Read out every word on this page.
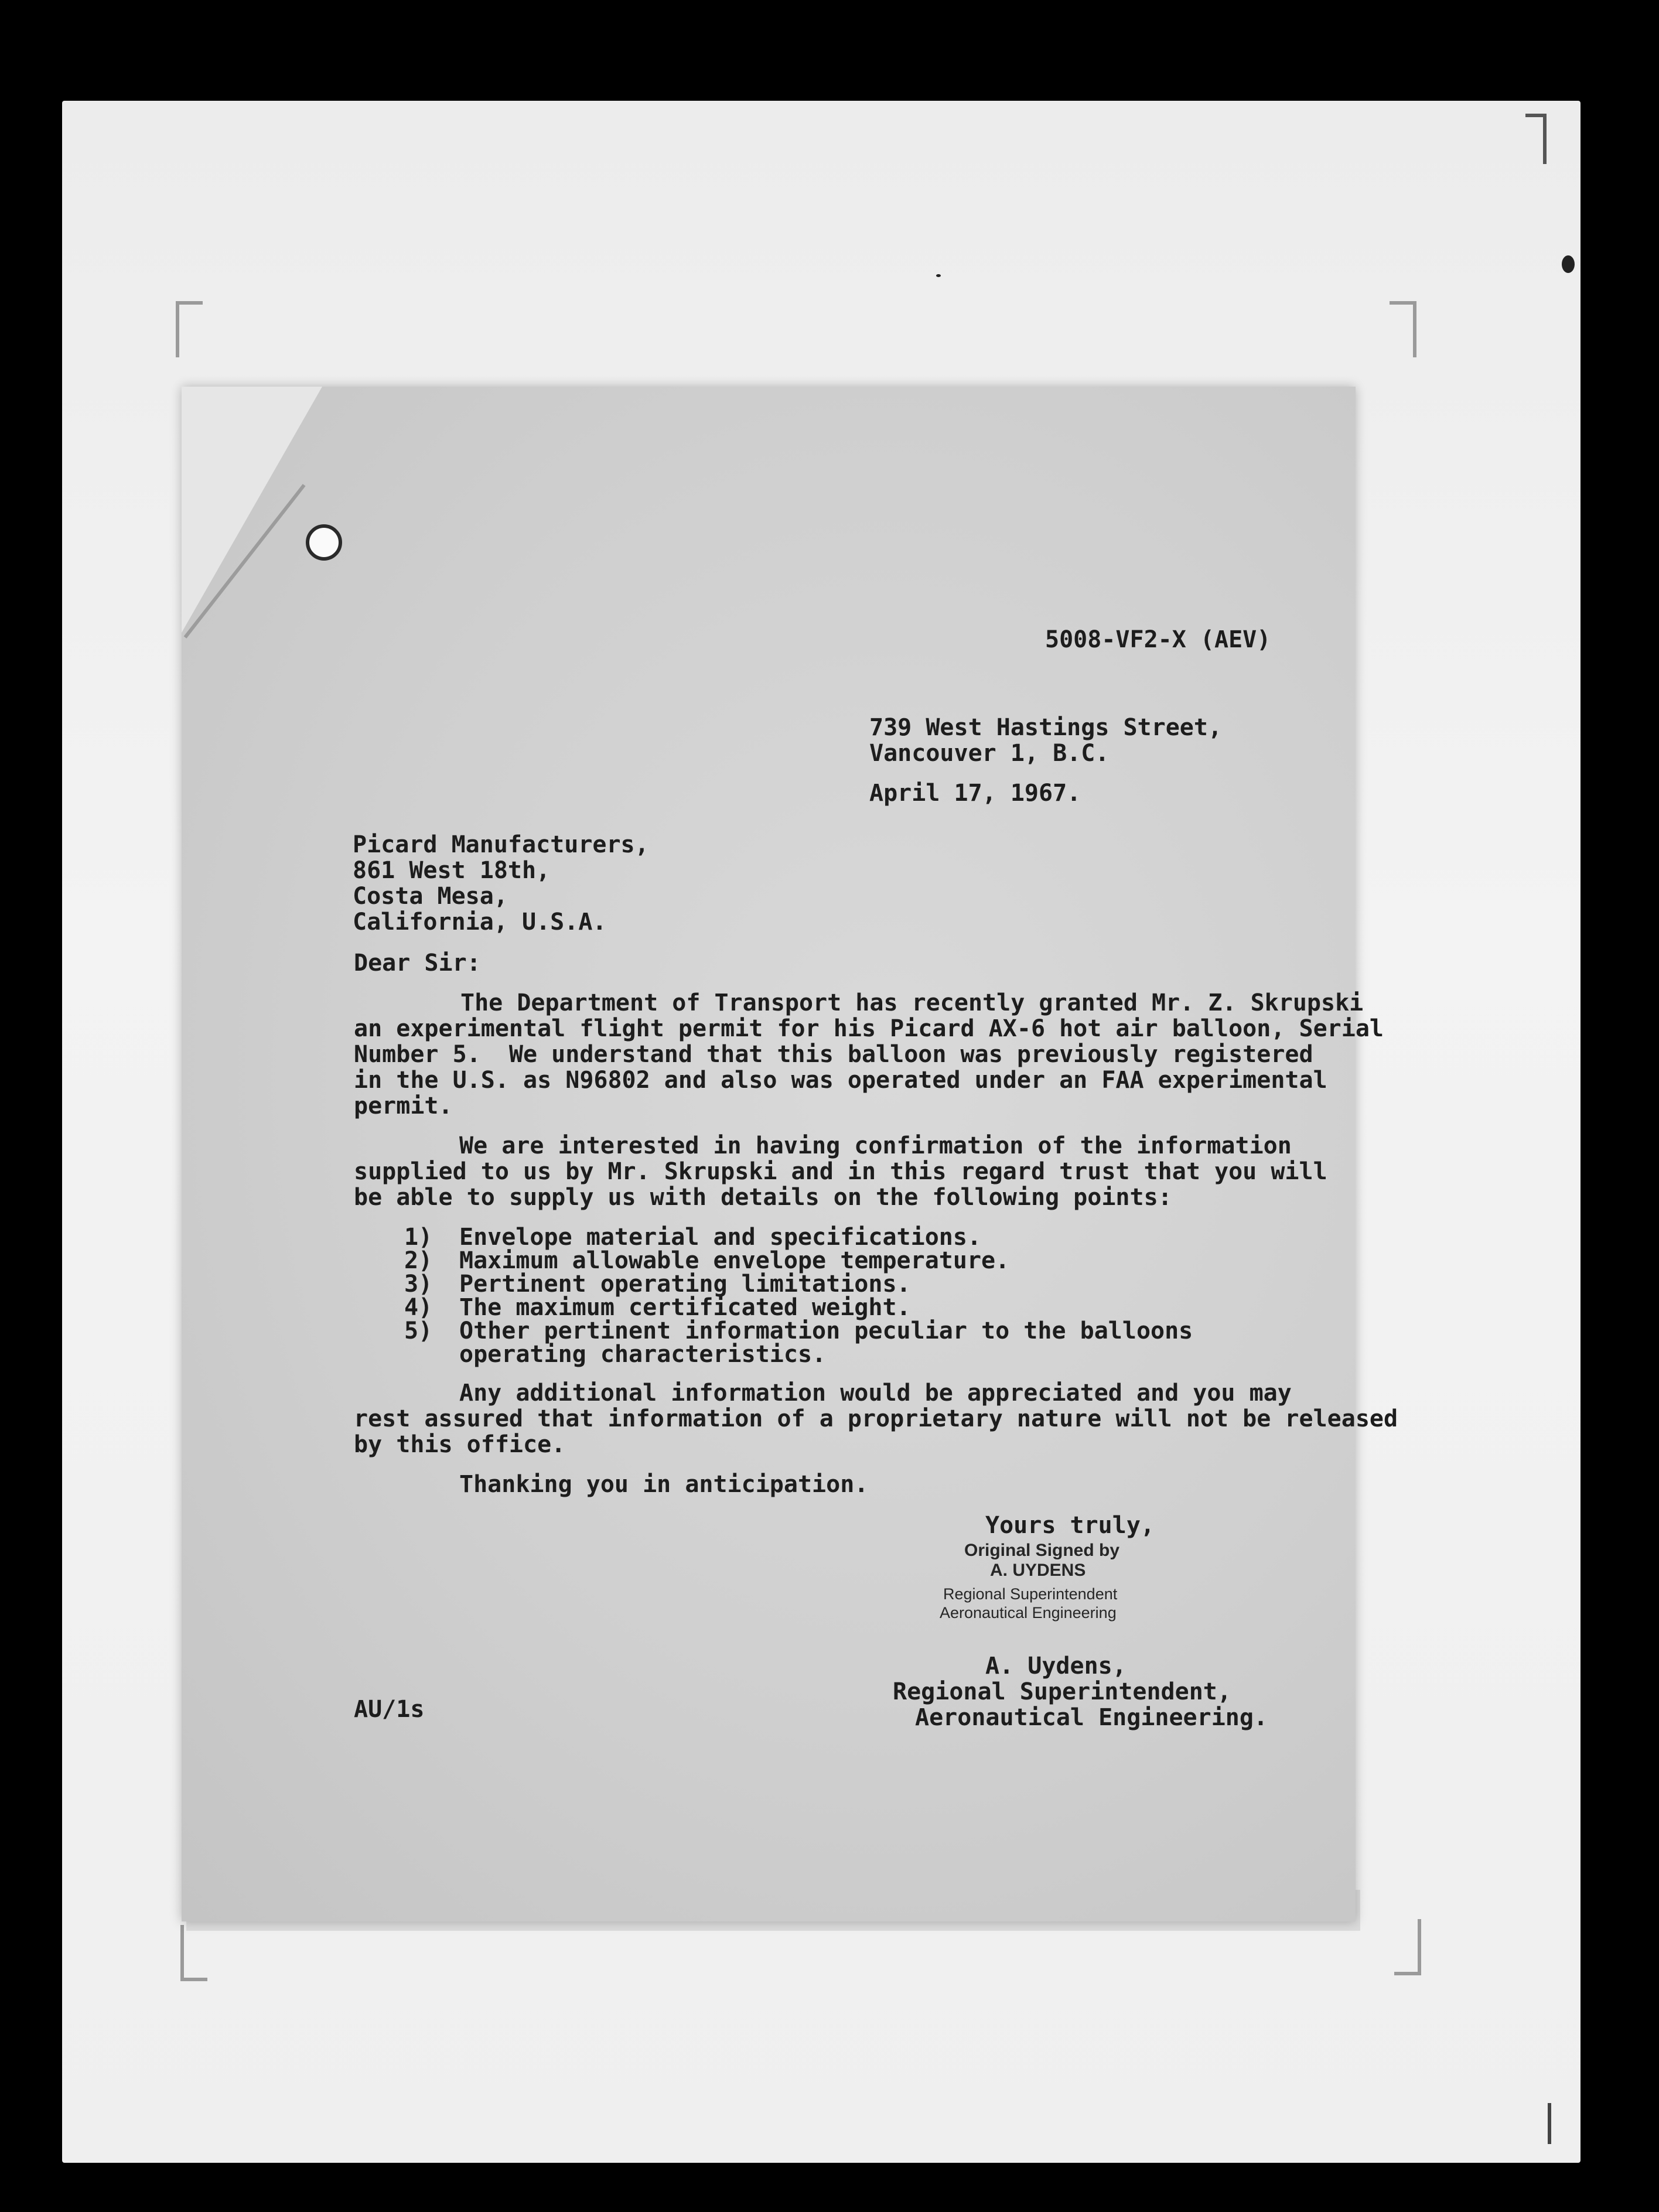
5008-VF2-X (AEV)
739 West Hastings Street,
Vancouver 1, B.C.
April 17, 1967.
Picard Manufacturers,
861 West 18th,
Costa Mesa,
California, U.S.A.
Dear Sir:
The Department of Transport has recently granted Mr. Z. Skrupski
an experimental flight permit for his Picard AX-6 hot air balloon, Serial
Number 5.  We understand that this balloon was previously registered
in the U.S. as N96802 and also was operated under an FAA experimental
permit.
We are interested in having confirmation of the information
supplied to us by Mr. Skrupski and in this regard trust that you will
be able to supply us with details on the following points:
1) Envelope material and specifications.
2) Maximum allowable envelope temperature.
3) Pertinent operating limitations.
4) The maximum certificated weight.
5) Other pertinent information peculiar to the balloons
operating characteristics.
Any additional information would be appreciated and you may
rest assured that information of a proprietary nature will not be released
by this office.
Thanking you in anticipation.
Yours truly,
Original Signed by
A. UYDENS
Regional Superintendent
Aeronautical Engineering
A. Uydens,
Regional Superintendent,
Aeronautical Engineering.
AU/1s
